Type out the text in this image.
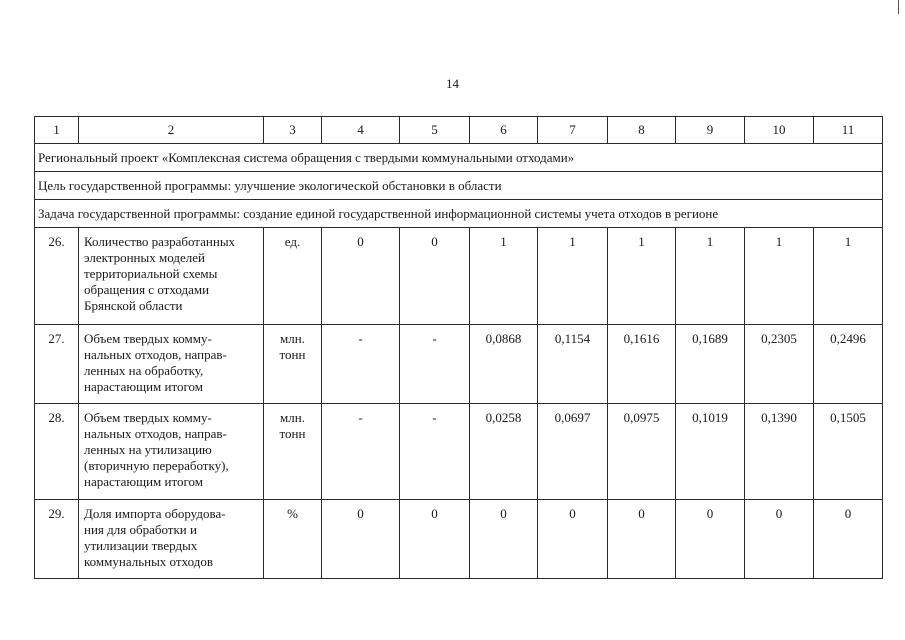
14
1	2	3	4	5	6	7	8	9	10	11
Региональный проект «Комплексная система обращения с твердыми коммунальными отходами»										
Цель государственной программы: улучшение экологической обстановки в области										
Задача государственной программы: создание единой государственной информационной системы учета отходов в регионе										
26.	Количество разработанных
электронных моделей
территориальной схемы
обращения с отходами
Брянской области	ед.	0	0	1	1	1	1	1	1
27.	Объем твердых комму-
нальных отходов, направ-
ленных на обработку,
нарастающим итогом	млн.
тонн	-	-	0,0868	0,1154	0,1616	0,1689	0,2305	0,2496
28.	Объем твердых комму-
нальных отходов, направ-
ленных на утилизацию
(вторичную переработку),
нарастающим итогом	млн.
тонн	-	-	0,0258	0,0697	0,0975	0,1019	0,1390	0,1505
29.	Доля импорта оборудова-
ния для обработки и
утилизации твердых
коммунальных отходов	%	0	0	0	0	0	0	0	0
